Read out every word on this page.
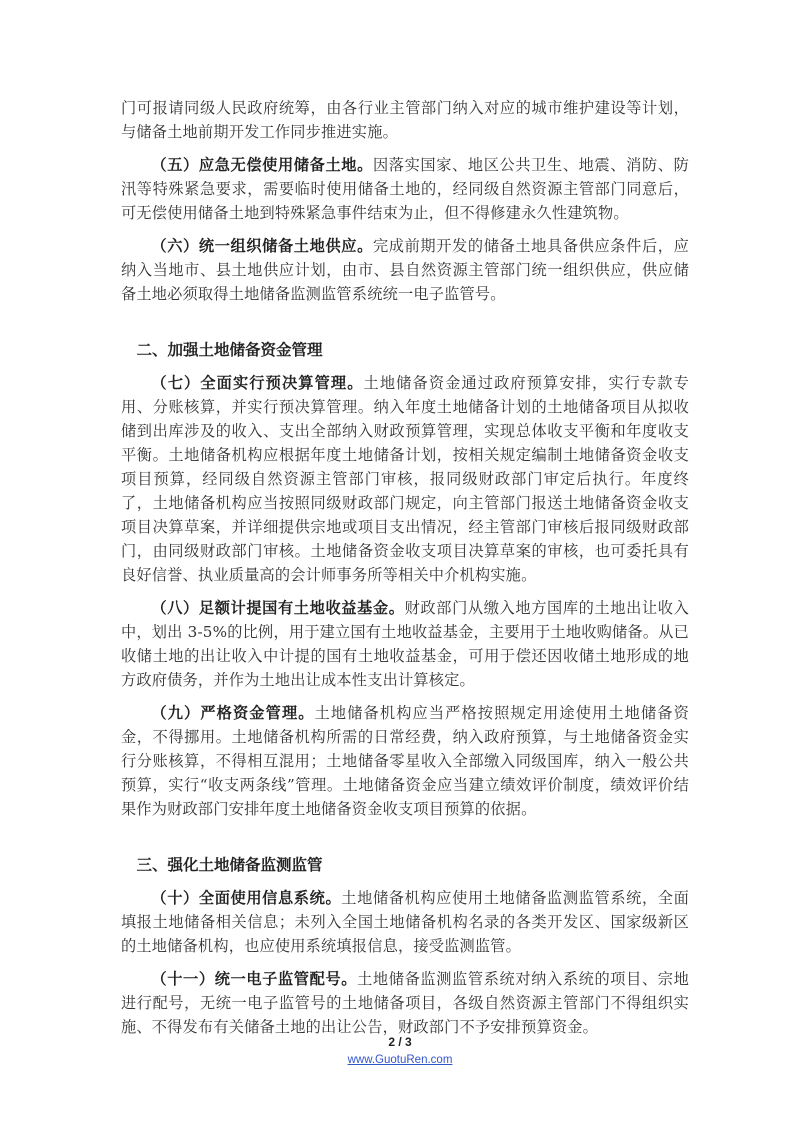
门可报请同级人民政府统筹，由各行业主管部门纳入对应的城市维护建设等计划，与储备土地前期开发工作同步推进实施。

（五）应急无偿使用储备土地。因落实国家、地区公共卫生、地震、消防、防汛等特殊紧急要求，需要临时使用储备土地的，经同级自然资源主管部门同意后，可无偿使用储备土地到特殊紧急事件结束为止，但不得修建永久性建筑物。

（六）统一组织储备土地供应。完成前期开发的储备土地具备供应条件后，应纳入当地市、县土地供应计划，由市、县自然资源主管部门统一组织供应，供应储备土地必须取得土地储备监测监管系统统一电子监管号。

二、加强土地储备资金管理

（七）全面实行预决算管理。土地储备资金通过政府预算安排，实行专款专用、分账核算，并实行预决算管理。纳入年度土地储备计划的土地储备项目从拟收储到出库涉及的收入、支出全部纳入财政预算管理，实现总体收支平衡和年度收支平衡。土地储备机构应根据年度土地储备计划，按相关规定编制土地储备资金收支项目预算，经同级自然资源主管部门审核，报同级财政部门审定后执行。年度终了，土地储备机构应当按照同级财政部门规定，向主管部门报送土地储备资金收支项目决算草案，并详细提供宗地或项目支出情况，经主管部门审核后报同级财政部门，由同级财政部门审核。土地储备资金收支项目决算草案的审核，也可委托具有良好信誉、执业质量高的会计师事务所等相关中介机构实施。

（八）足额计提国有土地收益基金。财政部门从缴入地方国库的土地出让收入中，划出 3-5%的比例，用于建立国有土地收益基金，主要用于土地收购储备。从已收储土地的出让收入中计提的国有土地收益基金，可用于偿还因收储土地形成的地方政府债务，并作为土地出让成本性支出计算核定。

（九）严格资金管理。土地储备机构应当严格按照规定用途使用土地储备资金，不得挪用。土地储备机构所需的日常经费，纳入政府预算，与土地储备资金实行分账核算，不得相互混用；土地储备零星收入全部缴入同级国库，纳入一般公共预算，实行“收支两条线”管理。土地储备资金应当建立绩效评价制度，绩效评价结果作为财政部门安排年度土地储备资金收支项目预算的依据。

三、强化土地储备监测监管

（十）全面使用信息系统。土地储备机构应使用土地储备监测监管系统，全面填报土地储备相关信息；未列入全国土地储备机构名录的各类开发区、国家级新区的土地储备机构，也应使用系统填报信息，接受监测监管。

（十一）统一电子监管配号。土地储备监测监管系统对纳入系统的项目、宗地进行配号，无统一电子监管号的土地储备项目，各级自然资源主管部门不得组织实施、不得发布有关储备土地的出让公告，财政部门不予安排预算资金。

2 / 3
www.GuotuRen.com
